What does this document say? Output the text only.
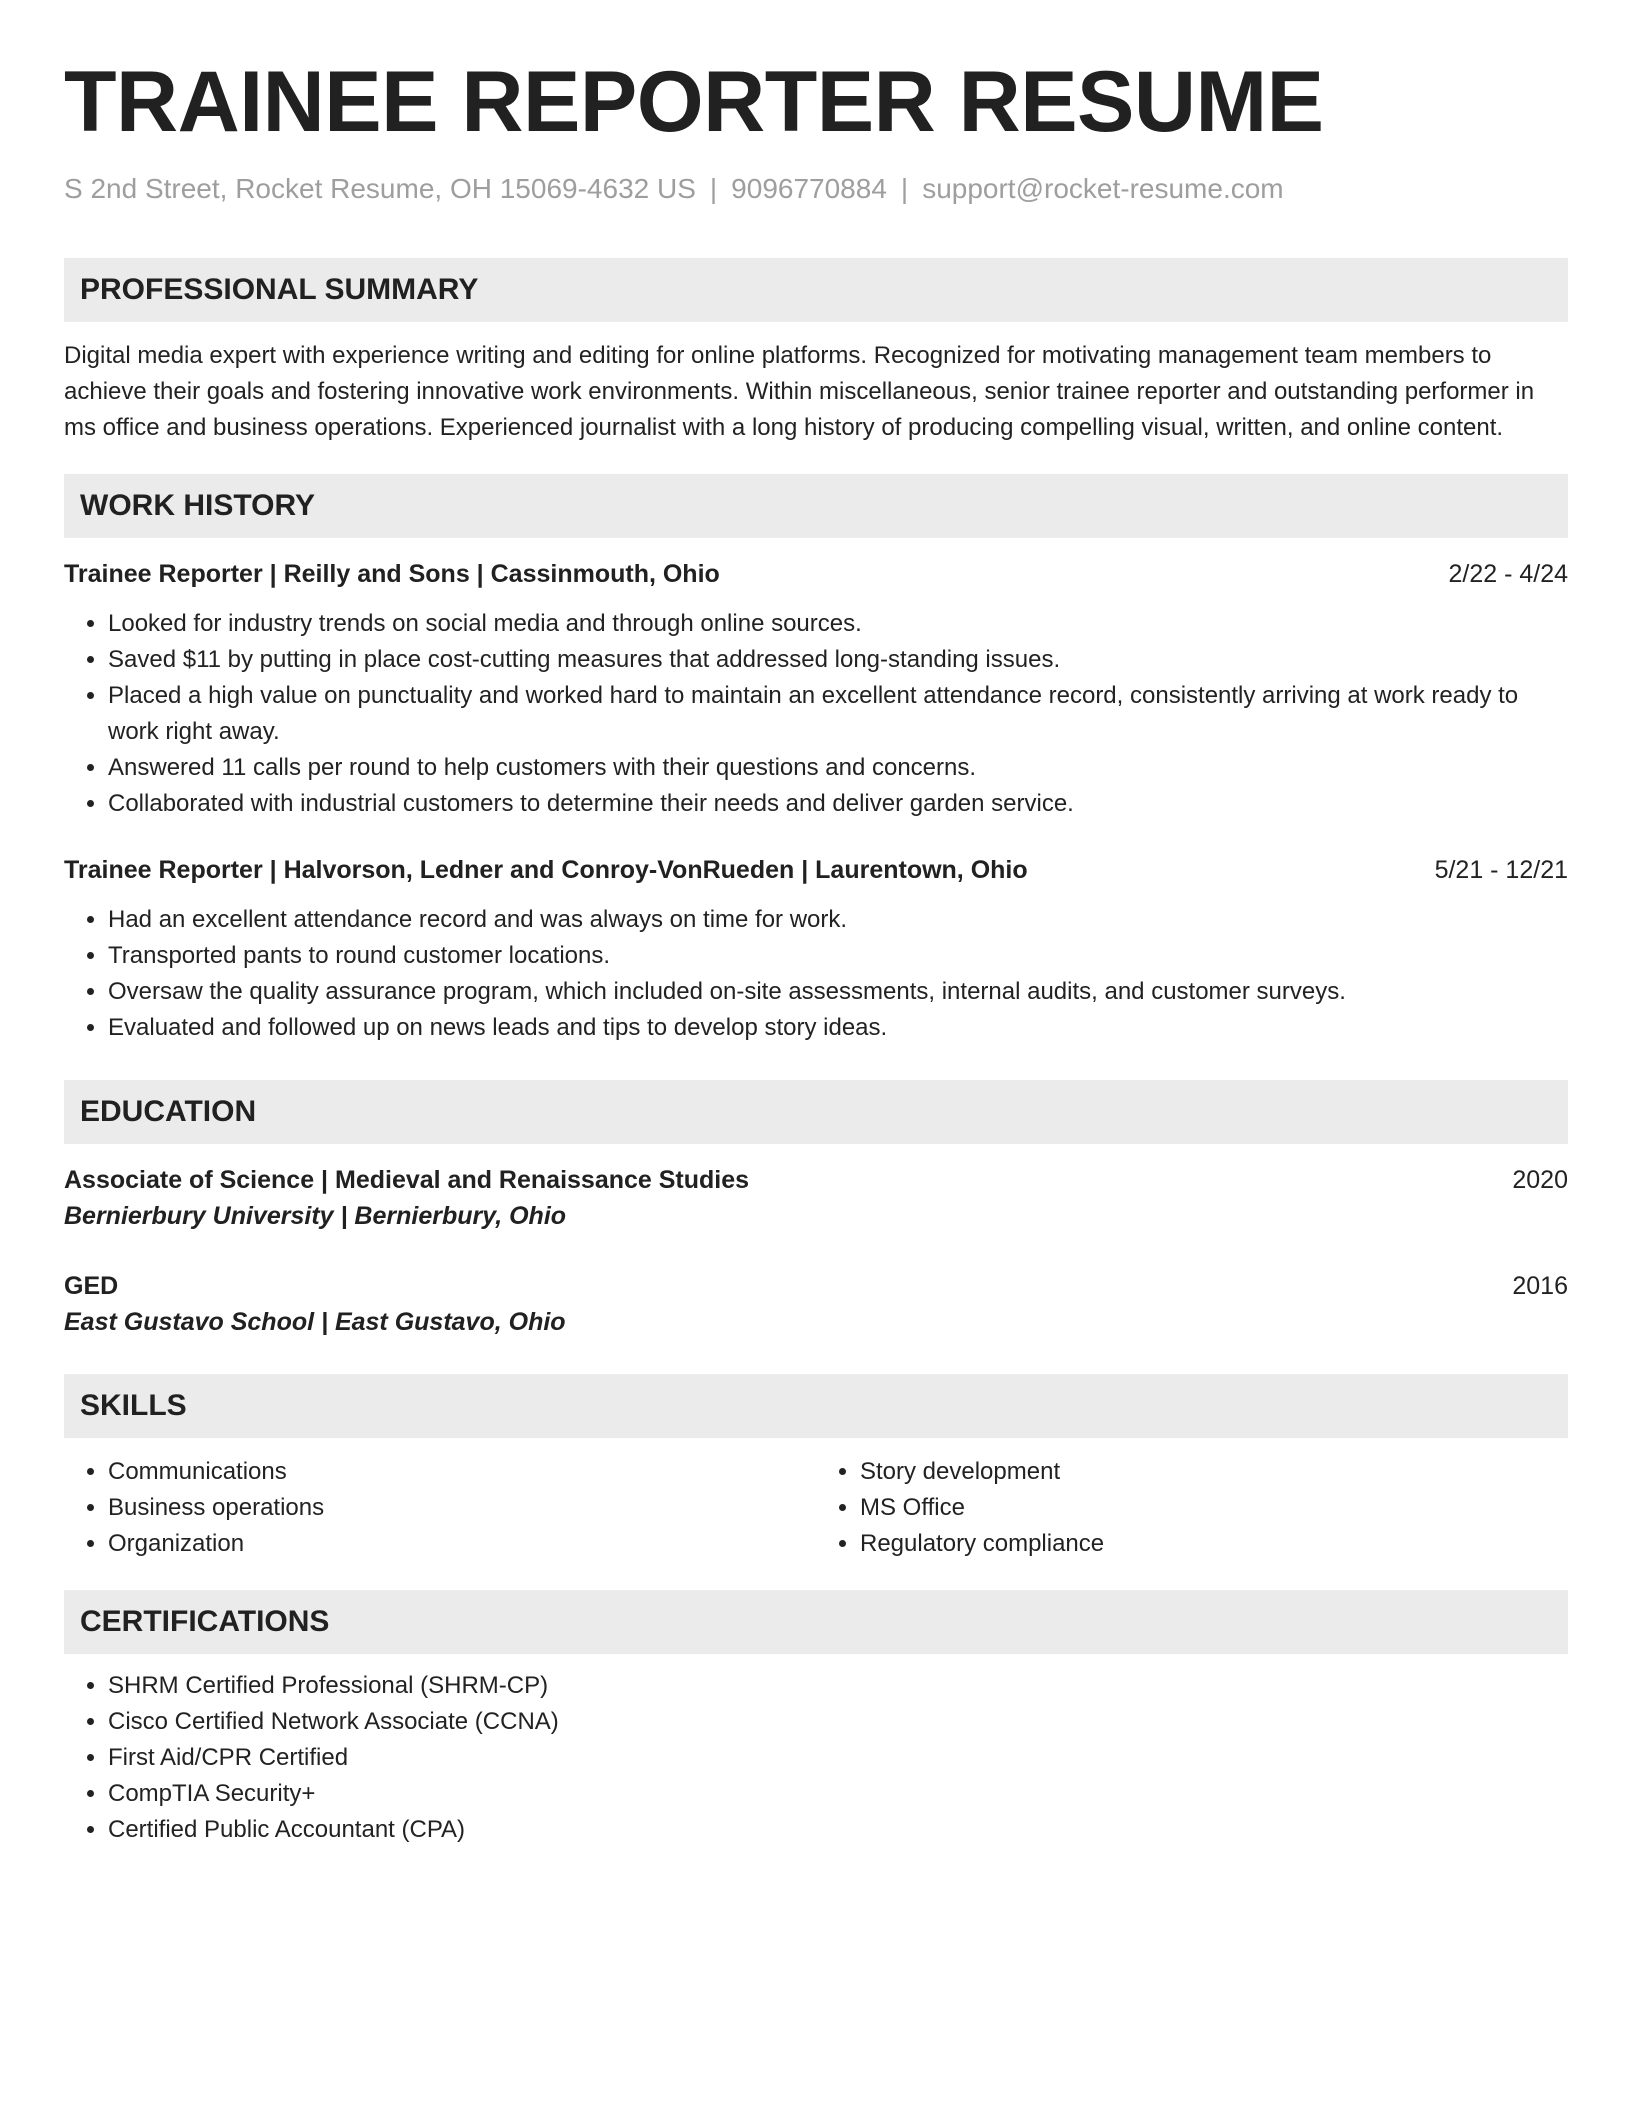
TRAINEE REPORTER RESUME
S 2nd Street, Rocket Resume, OH 15069-4632 US | 9096770884 | support@rocket-resume.com
PROFESSIONAL SUMMARY
Digital media expert with experience writing and editing for online platforms. Recognized for motivating management team members to achieve their goals and fostering innovative work environments. Within miscellaneous, senior trainee reporter and outstanding performer in ms office and business operations. Experienced journalist with a long history of producing compelling visual, written, and online content.
WORK HISTORY
Trainee Reporter | Reilly and Sons | Cassinmouth, Ohio	2/22 - 4/24
• Looked for industry trends on social media and through online sources.
• Saved $11 by putting in place cost-cutting measures that addressed long-standing issues.
• Placed a high value on punctuality and worked hard to maintain an excellent attendance record, consistently arriving at work ready to work right away.
• Answered 11 calls per round to help customers with their questions and concerns.
• Collaborated with industrial customers to determine their needs and deliver garden service.
Trainee Reporter | Halvorson, Ledner and Conroy-VonRueden | Laurentown, Ohio	5/21 - 12/21
• Had an excellent attendance record and was always on time for work.
• Transported pants to round customer locations.
• Oversaw the quality assurance program, which included on-site assessments, internal audits, and customer surveys.
• Evaluated and followed up on news leads and tips to develop story ideas.
EDUCATION
Associate of Science | Medieval and Renaissance Studies	2020
Bernierbury University | Bernierbury, Ohio
GED	2016
East Gustavo School | East Gustavo, Ohio
SKILLS
• Communications
• Business operations
• Organization
• Story development
• MS Office
• Regulatory compliance
CERTIFICATIONS
• SHRM Certified Professional (SHRM-CP)
• Cisco Certified Network Associate (CCNA)
• First Aid/CPR Certified
• CompTIA Security+
• Certified Public Accountant (CPA)
